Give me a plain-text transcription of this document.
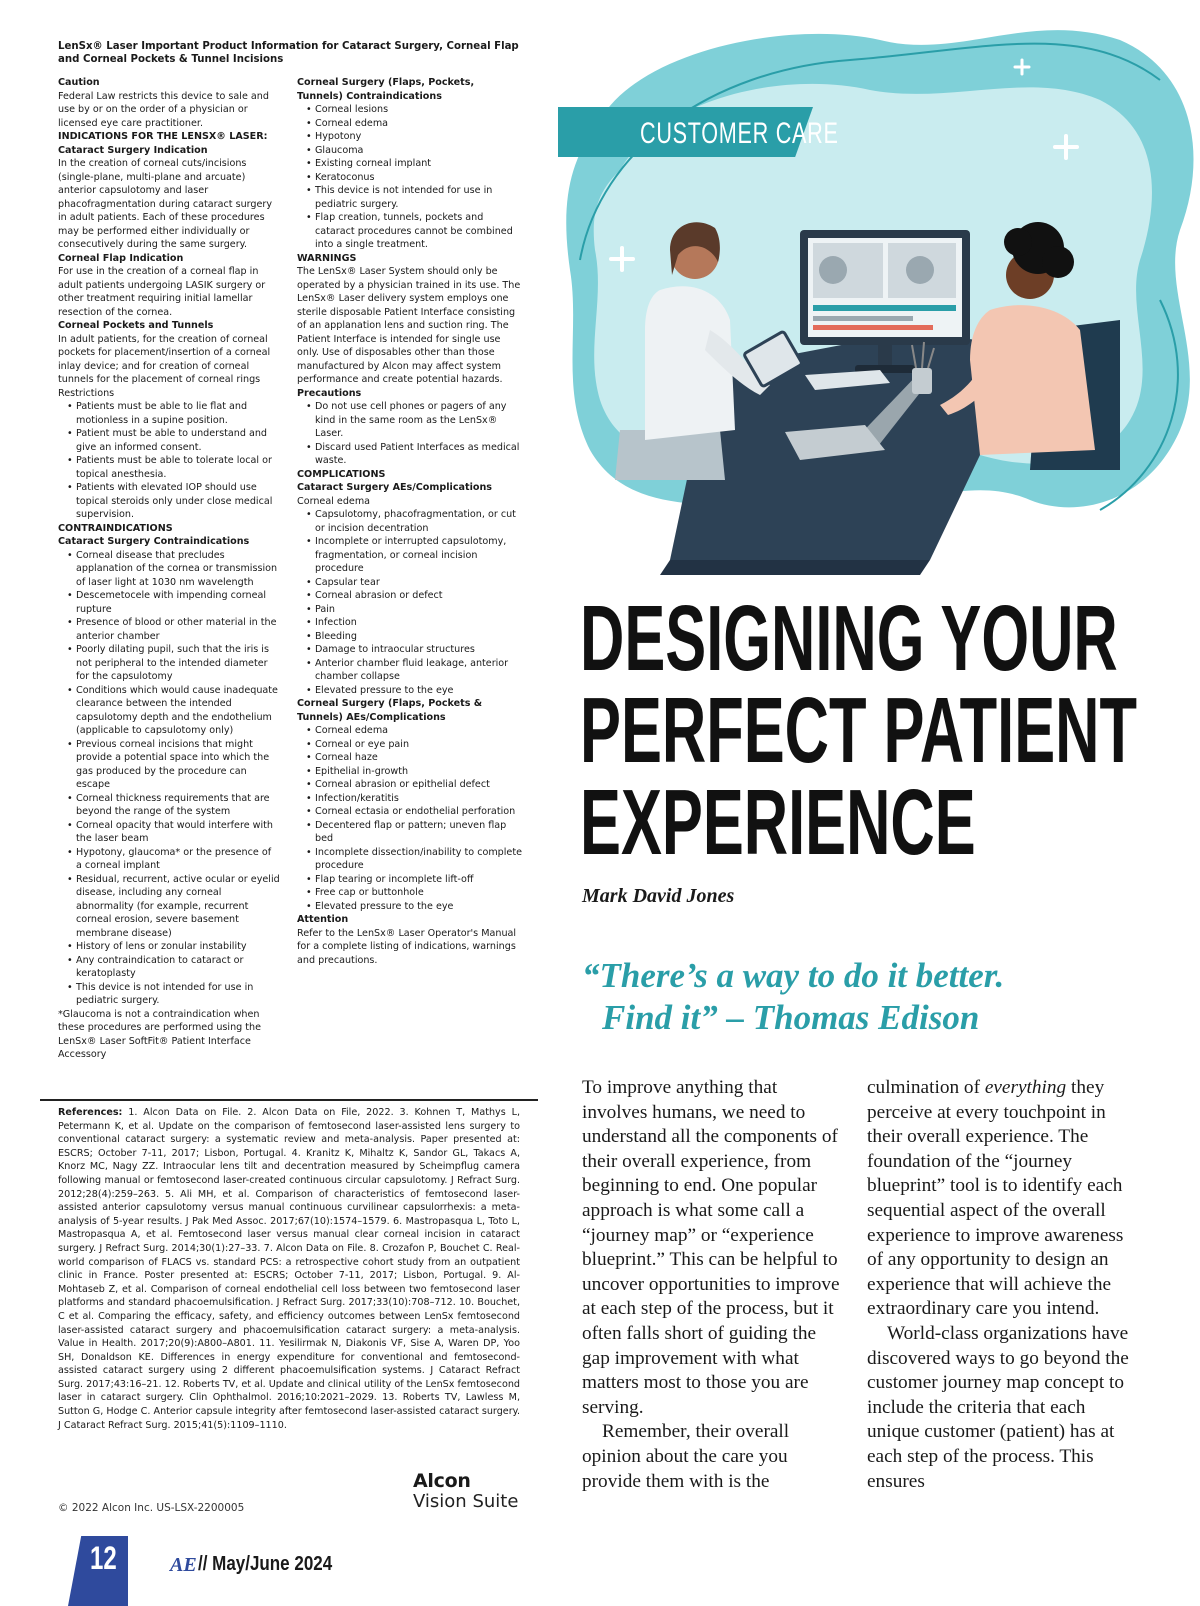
LenSx® Laser Important Product Information for Cataract Surgery, Corneal Flap and Corneal Pockets & Tunnel Incisions
Caution
Federal Law restricts this device to sale and use by or on the order of a physician or licensed eye care practitioner.
INDICATIONS FOR THE LENSX® LASER:
Cataract Surgery Indication
In the creation of corneal cuts/incisions (single-plane, multi-plane and arcuate) anterior capsulotomy and laser phacofragmentation during cataract surgery in adult patients. Each of these procedures may be performed either individually or consecutively during the same surgery.
Corneal Flap Indication
For use in the creation of a corneal flap in adult patients undergoing LASIK surgery or other treatment requiring initial lamellar resection of the cornea.
Corneal Pockets and Tunnels
In adult patients, for the creation of corneal pockets for placement/insertion of a corneal inlay device; and for creation of corneal tunnels for the placement of corneal rings
Restrictions
• Patients must be able to lie flat and motionless in a supine position.
• Patient must be able to understand and give an informed consent.
• Patients must be able to tolerate local or topical anesthesia.
• Patients with elevated IOP should use topical steroids only under close medical supervision.
CONTRAINDICATIONS
Cataract Surgery Contraindications
• Corneal disease that precludes applanation of the cornea or transmission of laser light at 1030 nm wavelength
• Descemetocele with impending corneal rupture
• Presence of blood or other material in the anterior chamber
• Poorly dilating pupil, such that the iris is not peripheral to the intended diameter for the capsulotomy
• Conditions which would cause inadequate clearance between the intended capsulotomy depth and the endothelium (applicable to capsulotomy only)
• Previous corneal incisions that might provide a potential space into which the gas produced by the procedure can escape
• Corneal thickness requirements that are beyond the range of the system
• Corneal opacity that would interfere with the laser beam
• Hypotony, glaucoma* or the presence of a corneal implant
• Residual, recurrent, active ocular or eyelid disease, including any corneal abnormality (for example, recurrent corneal erosion, severe basement membrane disease)
• History of lens or zonular instability
• Any contraindication to cataract or keratoplasty
• This device is not intended for use in pediatric surgery.
*Glaucoma is not a contraindication when these procedures are performed using the LenSx® Laser SoftFit® Patient Interface Accessory
Corneal Surgery (Flaps, Pockets, Tunnels) Contraindications
• Corneal lesions
• Corneal edema
• Hypotony
• Glaucoma
• Existing corneal implant
• Keratoconus
• This device is not intended for use in pediatric surgery.
• Flap creation, tunnels, pockets and cataract procedures cannot be combined into a single treatment.
WARNINGS
The LenSx® Laser System should only be operated by a physician trained in its use. The LenSx® Laser delivery system employs one sterile disposable Patient Interface consisting of an applanation lens and suction ring. The Patient Interface is intended for single use only. Use of disposables other than those manufactured by Alcon may affect system performance and create potential hazards.
Precautions
• Do not use cell phones or pagers of any kind in the same room as the LenSx® Laser.
• Discard used Patient Interfaces as medical waste.
COMPLICATIONS
Cataract Surgery AEs/Complications
Corneal edema
• Capsulotomy, phacofragmentation, or cut or incision decentration
• Incomplete or interrupted capsulotomy, fragmentation, or corneal incision procedure
• Capsular tear
• Corneal abrasion or defect
• Pain
• Infection
• Bleeding
• Damage to intraocular structures
• Anterior chamber fluid leakage, anterior chamber collapse
• Elevated pressure to the eye
Corneal Surgery (Flaps, Pockets & Tunnels) AEs/Complications
• Corneal edema
• Corneal or eye pain
• Corneal haze
• Epithelial in-growth
• Corneal abrasion or epithelial defect
• Infection/keratitis
• Corneal ectasia or endothelial perforation
• Decentered flap or pattern; uneven flap bed
• Incomplete dissection/inability to complete procedure
• Flap tearing or incomplete lift-off
• Free cap or buttonhole
• Elevated pressure to the eye
Attention
Refer to the LenSx® Laser Operator's Manual for a complete listing of indications, warnings and precautions.
References: 1. Alcon Data on File. 2. Alcon Data on File, 2022. 3. Kohnen T, Mathys L, Petermann K, et al. Update on the comparison of femtosecond laser-assisted lens surgery to conventional cataract surgery: a systematic review and meta-analysis. Paper presented at: ESCRS; October 7-11, 2017; Lisbon, Portugal. 4. Kranitz K, Mihaltz K, Sandor GL, Takacs A, Knorz MC, Nagy ZZ. Intraocular lens tilt and decentration measured by Scheimpflug camera following manual or femtosecond laser-created continuous circular capsulotomy. J Refract Surg. 2012;28(4):259–263. 5. Ali MH, et al. Comparison of characteristics of femtosecond laser-assisted anterior capsulotomy versus manual continuous curvilinear capsulorrhexis: a meta-analysis of 5-year results. J Pak Med Assoc. 2017;67(10):1574–1579. 6. Mastropasqua L, Toto L, Mastropasqua A, et al. Femtosecond laser versus manual clear corneal incision in cataract surgery. J Refract Surg. 2014;30(1):27–33. 7. Alcon Data on File. 8. Crozafon P, Bouchet C. Real-world comparison of FLACS vs. standard PCS: a retrospective cohort study from an outpatient clinic in France. Poster presented at: ESCRS; October 7-11, 2017; Lisbon, Portugal. 9. Al-Mohtaseb Z, et al. Comparison of corneal endothelial cell loss between two femtosecond laser platforms and standard phacoemulsification. J Refract Surg. 2017;33(10):708–712. 10. Bouchet, C et al. Comparing the efficacy, safety, and efficiency outcomes between LenSx femtosecond laser-assisted cataract surgery and phacoemulsification cataract surgery: a meta-analysis. Value in Health. 2017;20(9):A800–A801. 11. Yesilirmak N, Diakonis VF, Sise A, Waren DP, Yoo SH, Donaldson KE. Differences in energy expenditure for conventional and femtosecond-assisted cataract surgery using 2 different phacoemulsification systems. J Cataract Refract Surg. 2017;43:16–21. 12. Roberts TV, et al. Update and clinical utility of the LenSx femtosecond laser in cataract surgery. Clin Ophthalmol. 2016;10:2021–2029. 13. Roberts TV, Lawless M, Sutton G, Hodge C. Anterior capsule integrity after femtosecond laser-assisted cataract surgery. J Cataract Refract Surg. 2015;41(5):1109–1110.
© 2022 Alcon Inc. US-LSX-2200005
Alcon
Vision Suite
12	AE // May/June 2024
CUSTOMER CARE
DESIGNING YOUR
PERFECT PATIENT
EXPERIENCE
Mark David Jones
“There’s a way to do it better.
Find it” – Thomas Edison

To improve anything that involves humans, we need to understand all the components of their overall experience, from beginning to end. One popular approach is what some call a “journey map” or “experience blueprint.” This can be helpful to uncover opportunities to improve at each step of the process, but it often falls short of guiding the gap improvement with what matters most to those you are serving.

Remember, their overall opinion about the care you provide them with is the

culmination of everything they perceive at every touchpoint in their overall experience. The foundation of the “journey blueprint” tool is to identify each sequential aspect of the overall experience to improve awareness of any opportunity to design an experience that will achieve the extraordinary care you intend.

World-class organizations have discovered ways to go beyond the customer journey map concept to include the criteria that each unique customer (patient) has at each step of the process. This ensures
